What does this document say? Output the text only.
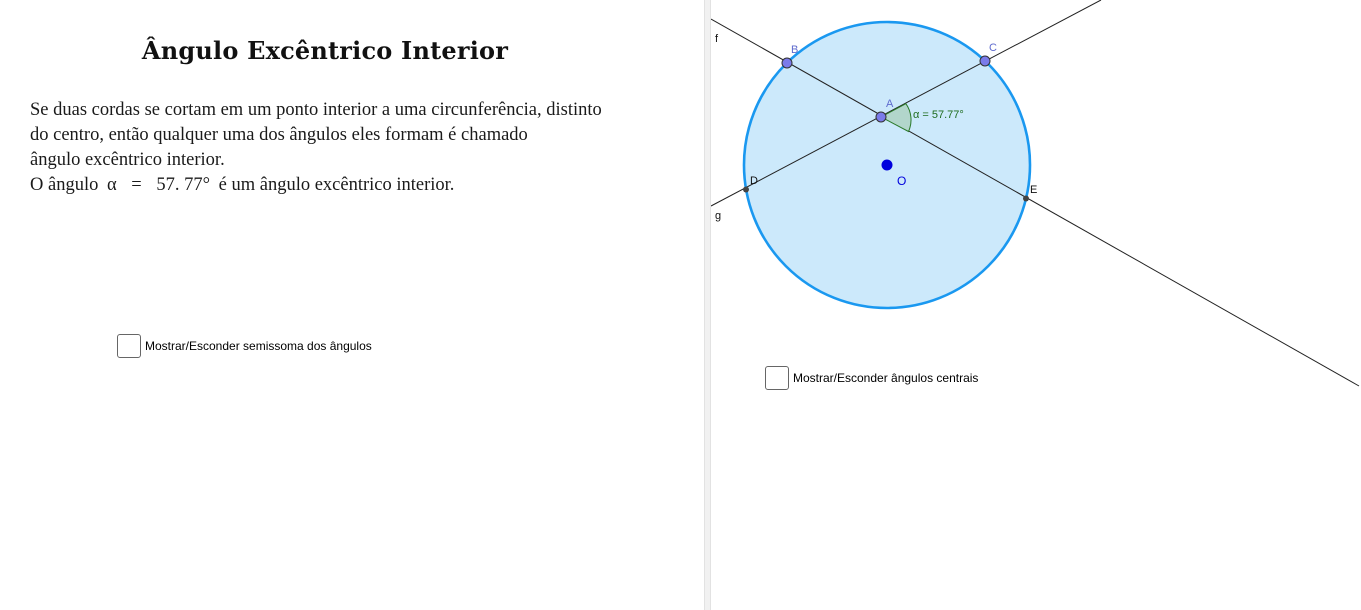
Ângulo Excêntrico Interior
Se duas cordas se cortam em um ponto interior a uma circunferência, distinto
do centro, então qualquer uma dos ângulos eles formam é chamado
ângulo excêntrico interior.
O ângulo α = 57. 77° é um ângulo excêntrico interior.
Mostrar/Esconder semissoma dos ângulos
f
g
α = 57.77°
B	C
A
D
E
O
Mostrar/Esconder ângulos centrais
